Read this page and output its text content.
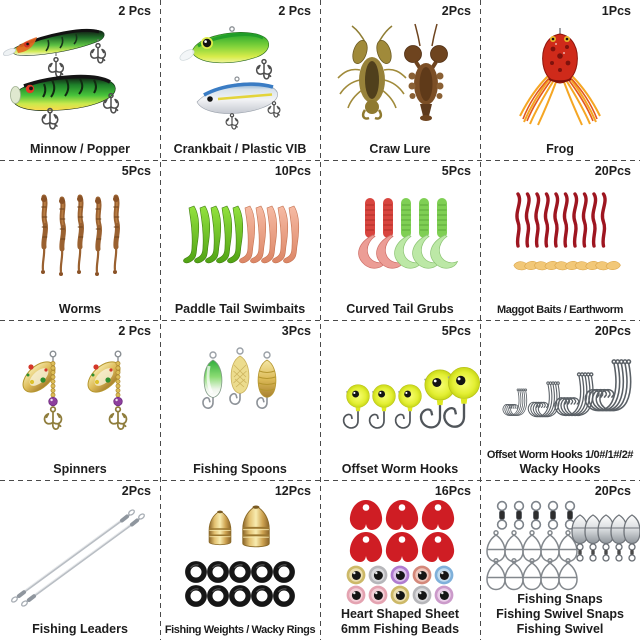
2 Pcs
Minnow / Popper
2 Pcs
Crankbait / Plastic VIB
2Pcs
Craw Lure
1Pcs
Frog
5Pcs
Worms
10Pcs
Paddle Tail Swimbaits
5Pcs
Curved Tail Grubs
20Pcs
Maggot Baits / Earthworm
2 Pcs
Spinners
3Pcs
Fishing Spoons
5Pcs
Offset Worm Hooks
20Pcs
Offset Worm Hooks 1/0#/1#/2#
Wacky Hooks
2Pcs
Fishing Leaders
12Pcs
Fishing Weights / Wacky Rings
16Pcs
Heart Shaped Sheet
6mm Fishing Beads
20Pcs
Fishing Snaps
Fishing Swivel Snaps
Fishing Swivel
